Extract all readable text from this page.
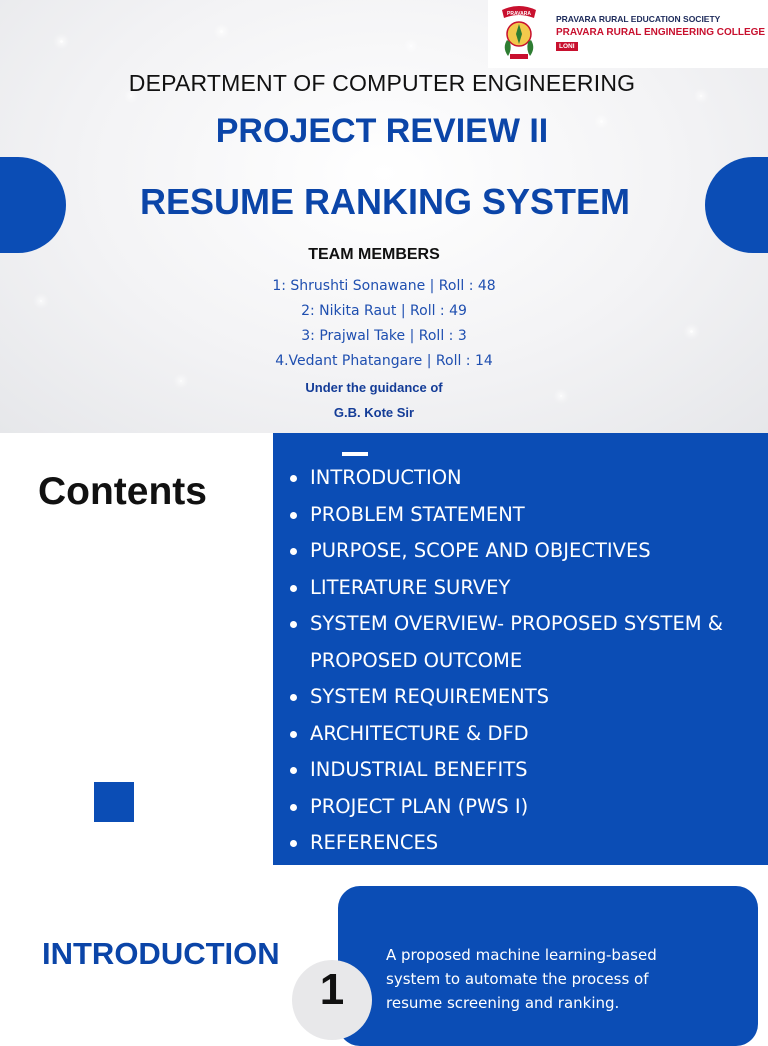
PRAVARA	PRAVARA RURAL EDUCATION SOCIETY
PRAVARA RURAL ENGINEERING COLLEGE
LONI
DEPARTMENT OF COMPUTER ENGINEERING
PROJECT REVIEW II
RESUME RANKING SYSTEM
TEAM MEMBERS
1: Shrushti Sonawane | Roll : 48
2: Nikita Raut | Roll : 49
3: Prajwal Take | Roll : 3
4.Vedant Phatangare | Roll : 14
Under the guidance of
G.B. Kote Sir
Contents	INTRODUCTION
PROBLEM STATEMENT
PURPOSE, SCOPE AND OBJECTIVES
LITERATURE SURVEY
SYSTEM OVERVIEW- PROPOSED SYSTEM &
PROPOSED OUTCOME
SYSTEM REQUIREMENTS
ARCHITECTURE & DFD
INDUSTRIAL BENEFITS
PROJECT PLAN (PWS I)
REFERENCES
INTRODUCTION	A proposed machine learning-based
system to automate the process of
resume screening and ranking.
1
